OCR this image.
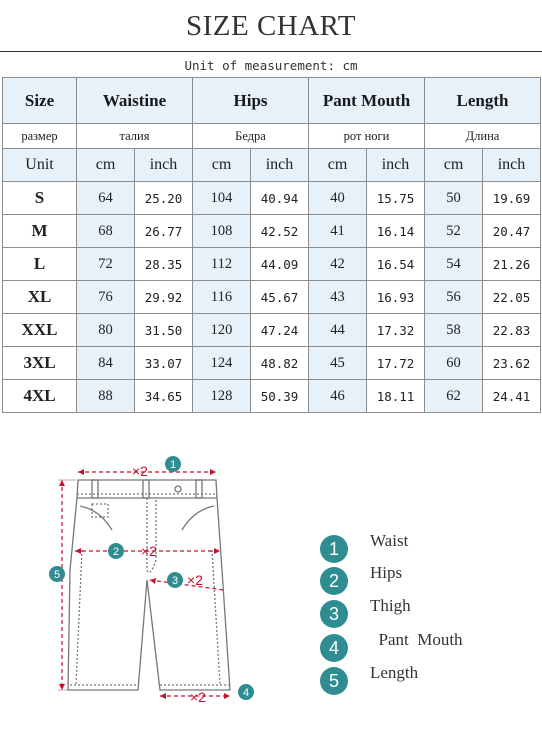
SIZE CHART
Unit of measurement: cm
Size	Waistine		Hips		Pant Mouth		Length	
размер	талия		Бедра		рот ноги		Длина	
Unit	cm	inch	cm	inch	cm	inch	cm	inch
S	64	25.20	104	40.94	40	15.75	50	19.69
M	68	26.77	108	42.52	41	16.14	52	20.47
L	72	28.35	112	44.09	42	16.54	54	21.26
XL	76	29.92	116	45.67	43	16.93	56	22.05
XXL	80	31.50	120	47.24	44	17.32	58	22.83
3XL	84	33.07	124	48.82	45	17.72	60	23.62
4XL	88	34.65	128	50.39	46	18.11	62	24.41
×2
×2
×2
×2
1
2
3
4
5
1	Waist
2	Hips
3	Thigh
4	Pant  Mouth
5	Length
